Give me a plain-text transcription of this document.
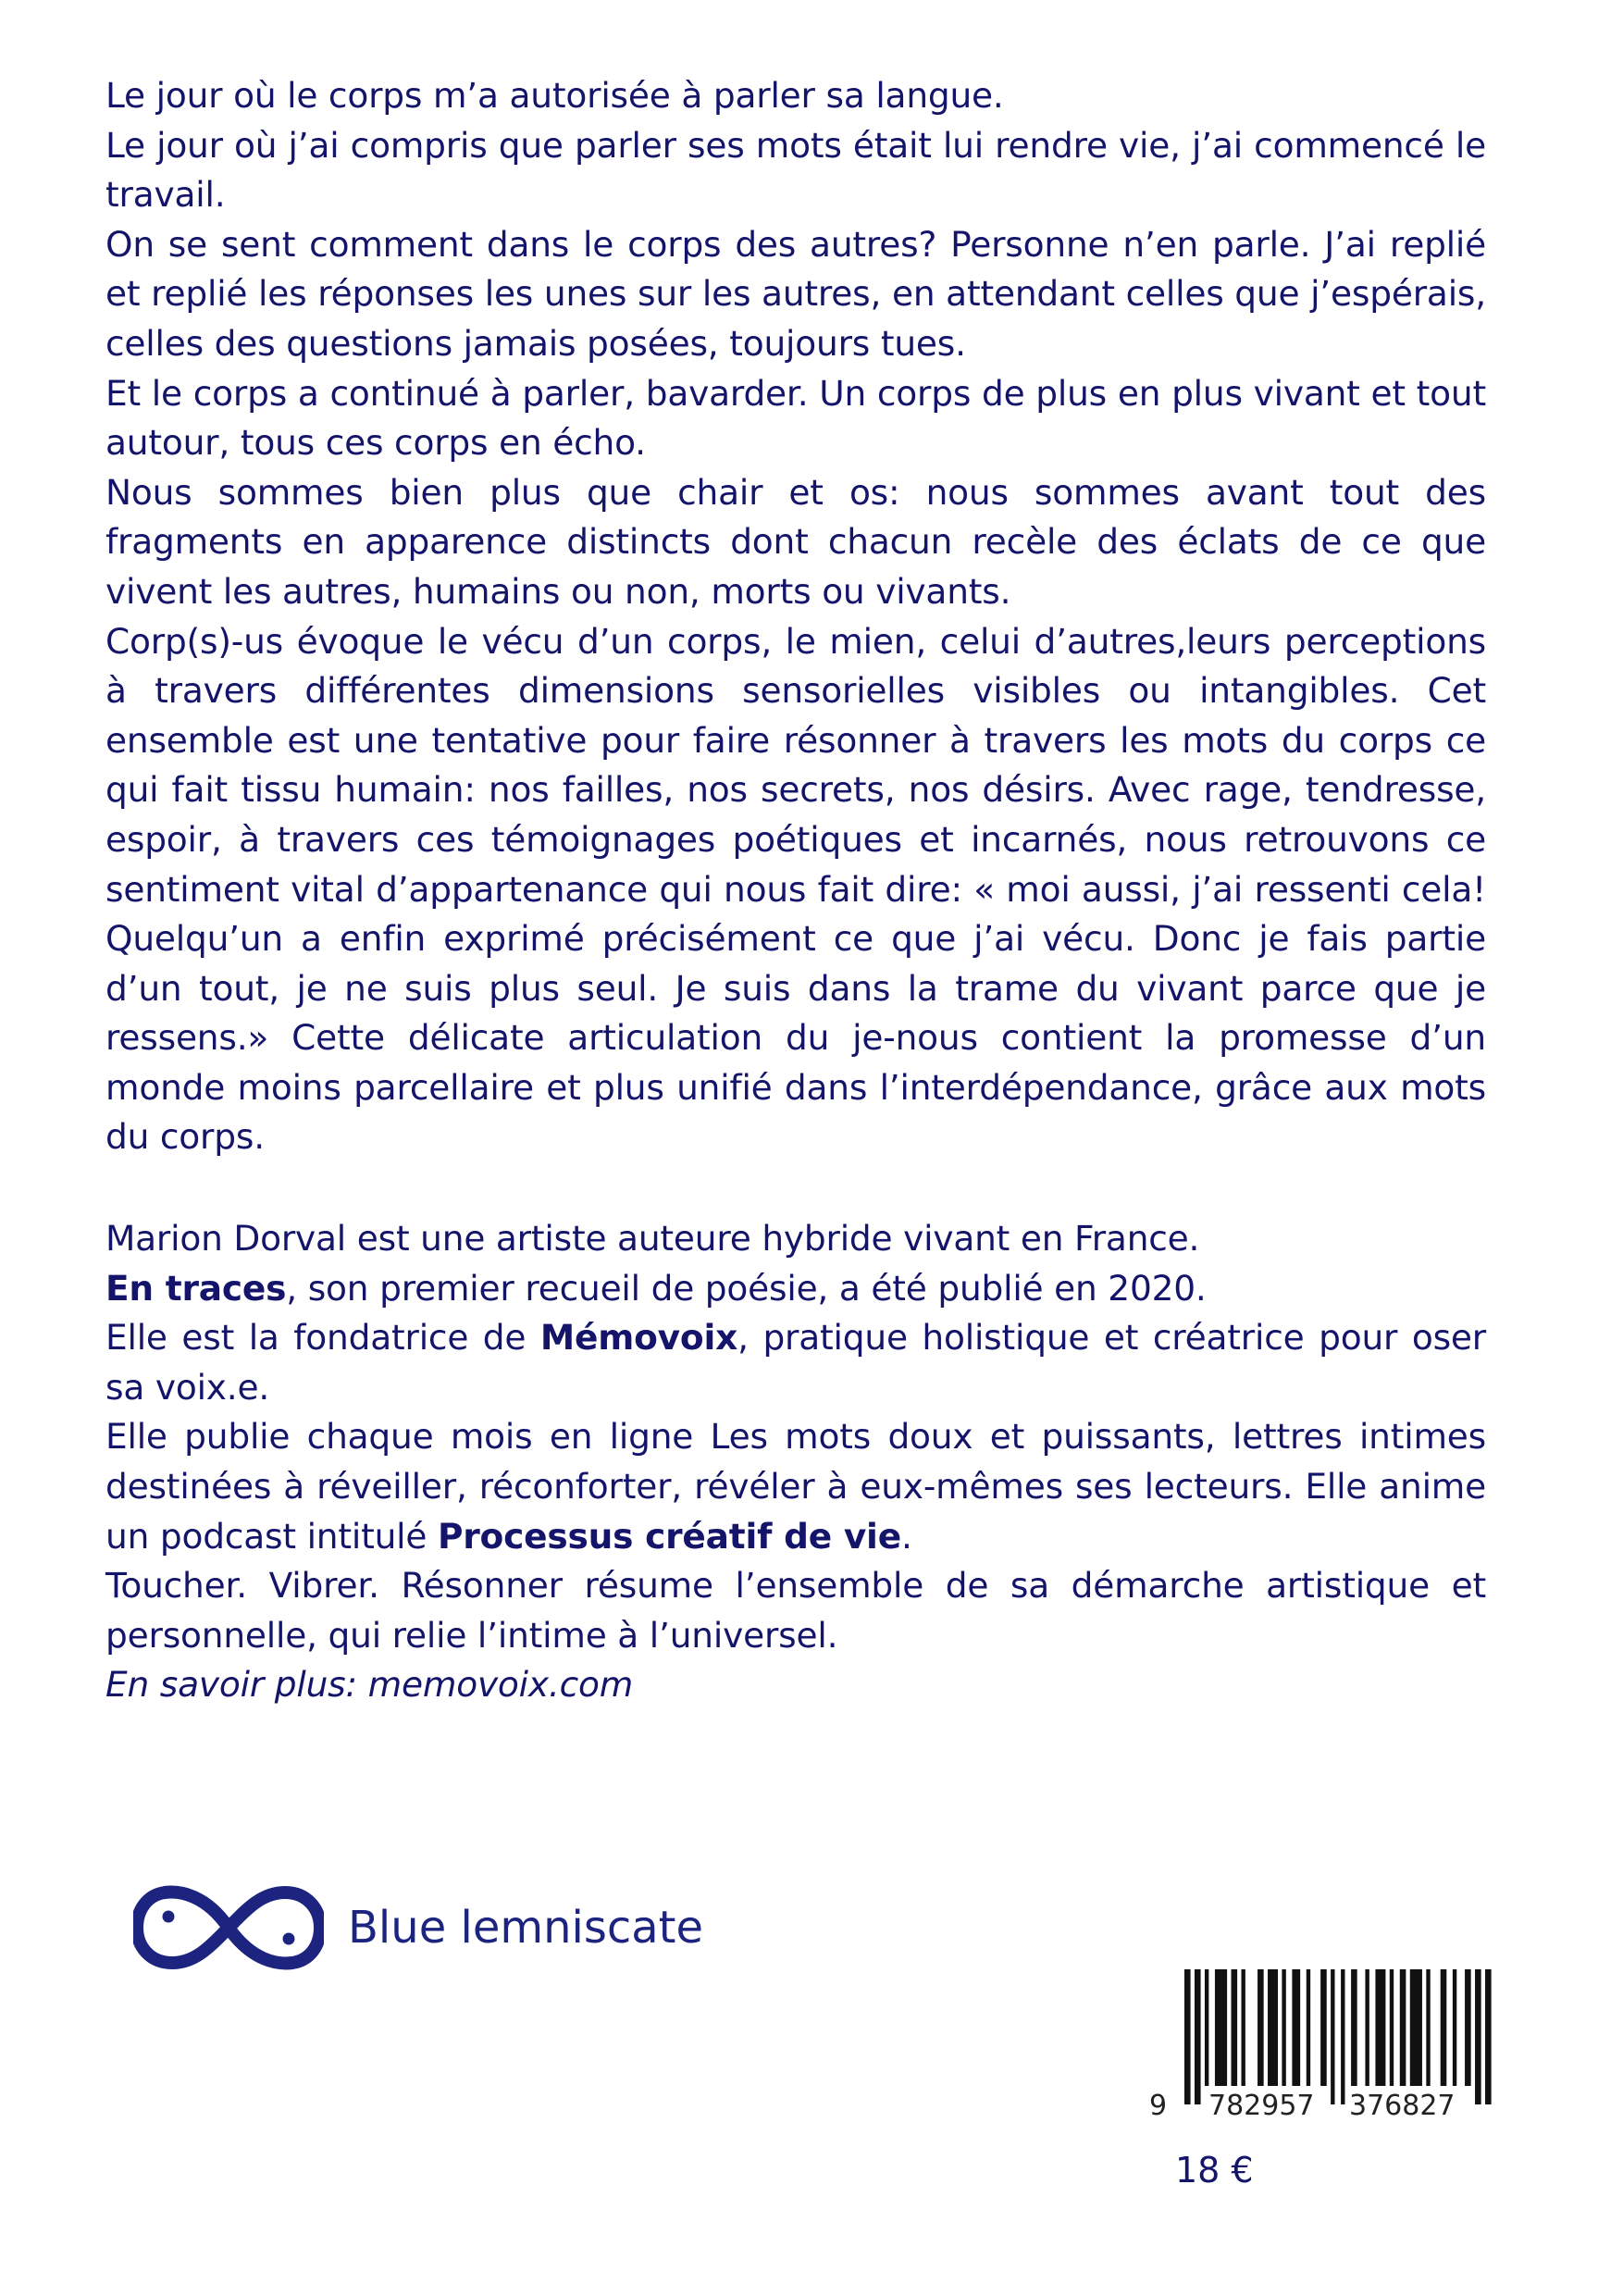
Le jour où le corps m’a autorisée à parler sa langue.

Le jour où j’ai compris que parler ses mots était lui rendre vie, j’ai commencé le travail.

On se sent comment dans le corps des autres? Personne n’en parle. J’ai replié et replié les réponses les unes sur les autres, en attendant celles que j’espérais, celles des questions jamais posées, toujours tues.

Et le corps a continué à parler, bavarder. Un corps de plus en plus vivant et tout autour, tous ces corps en écho.

Nous sommes bien plus que chair et os: nous sommes avant tout des fragments en apparence distincts dont chacun recèle des éclats de ce que vivent les autres, humains ou non, morts ou vivants.

Corp(s)-us évoque le vécu d’un corps, le mien, celui d’autres,leurs perceptions à travers différentes dimensions sensorielles visibles ou intangibles. Cet ensemble est une tentative pour faire résonner à travers les mots du corps ce qui fait tissu humain: nos failles, nos secrets, nos désirs. Avec rage, tendresse, espoir, à travers ces témoignages poétiques et incarnés, nous retrouvons ce sentiment vital d’appartenance qui nous fait dire: « moi aussi, j’ai ressenti cela! Quelqu’un a enfin exprimé précisément ce que j’ai vécu. Donc je fais partie d’un tout, je ne suis plus seul. Je suis dans la trame du vivant parce que je ressens.» Cette délicate articulation du je-nous contient la promesse d’un monde moins parcellaire et plus unifié dans l’interdépendance, grâce aux mots du corps.

Marion Dorval est une artiste auteure hybride vivant en France.

En traces, son premier recueil de poésie, a été publié en 2020.

Elle est la fondatrice de Mémovoix, pratique holistique et créatrice pour oser sa voix.e.

Elle publie chaque mois en ligne Les mots doux et puissants, lettres intimes destinées à réveiller, réconforter, révéler à eux-mêmes ses lecteurs. Elle anime un podcast intitulé Processus créatif de vie.

Toucher. Vibrer. Résonner résume l’ensemble de sa démarche artistique et personnelle, qui relie l’intime à l’universel.

En savoir plus: memovoix.com

Blue lemniscate
9 782957 376827
18 €
